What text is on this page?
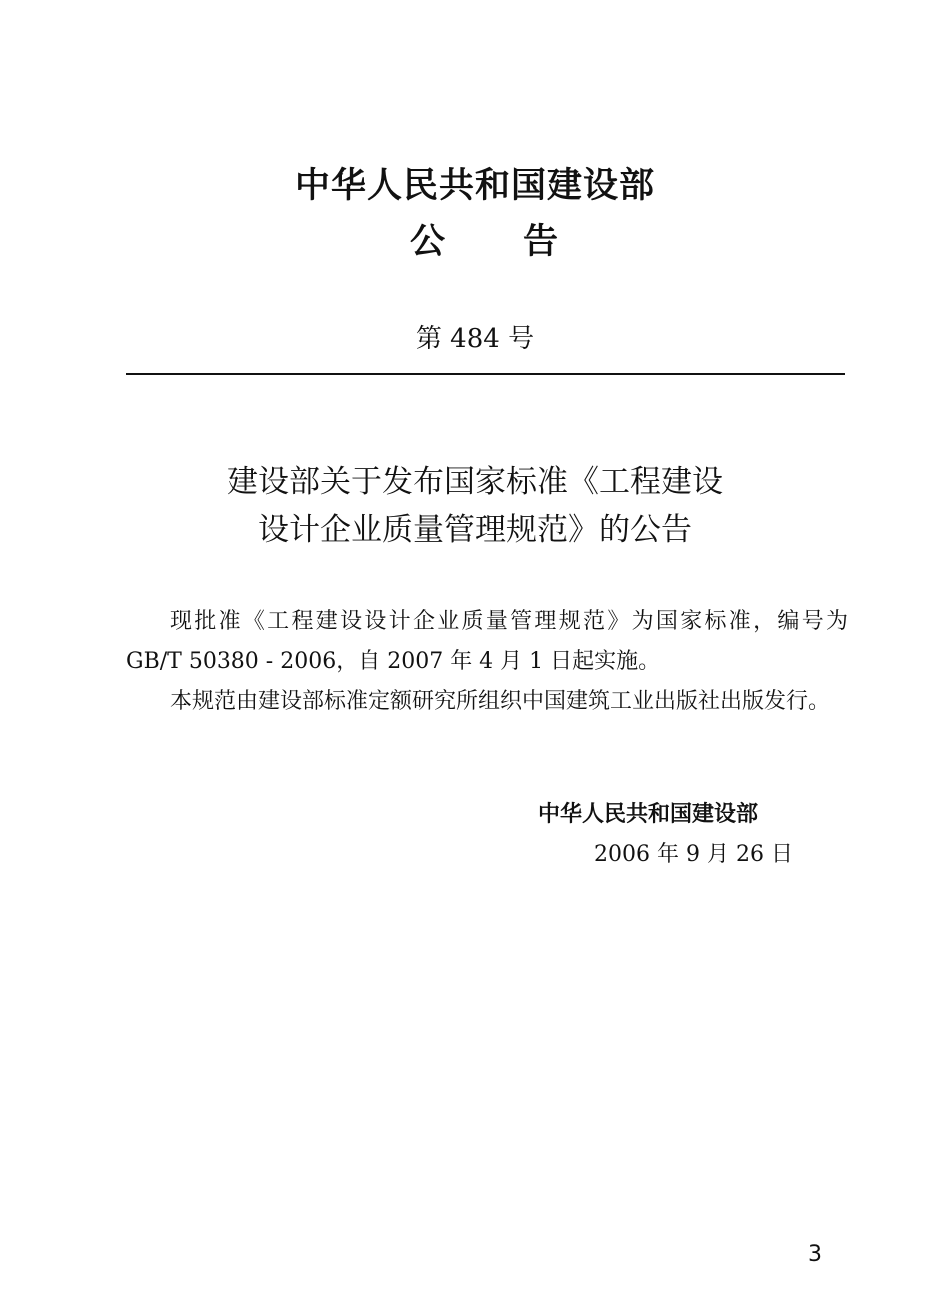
中华人民共和国建设部
公 告
第 484 号
建设部关于发布国家标准《工程建设
设计企业质量管理规范》的公告

现批准《工程建设设计企业质量管理规范》为国家标准，编号为 GB/T 50380 - 2006，自 2007 年 4 月 1 日起实施。

本规范由建设部标准定额研究所组织中国建筑工业出版社出版发行。

中华人民共和国建设部
2006 年 9 月 26 日
3
